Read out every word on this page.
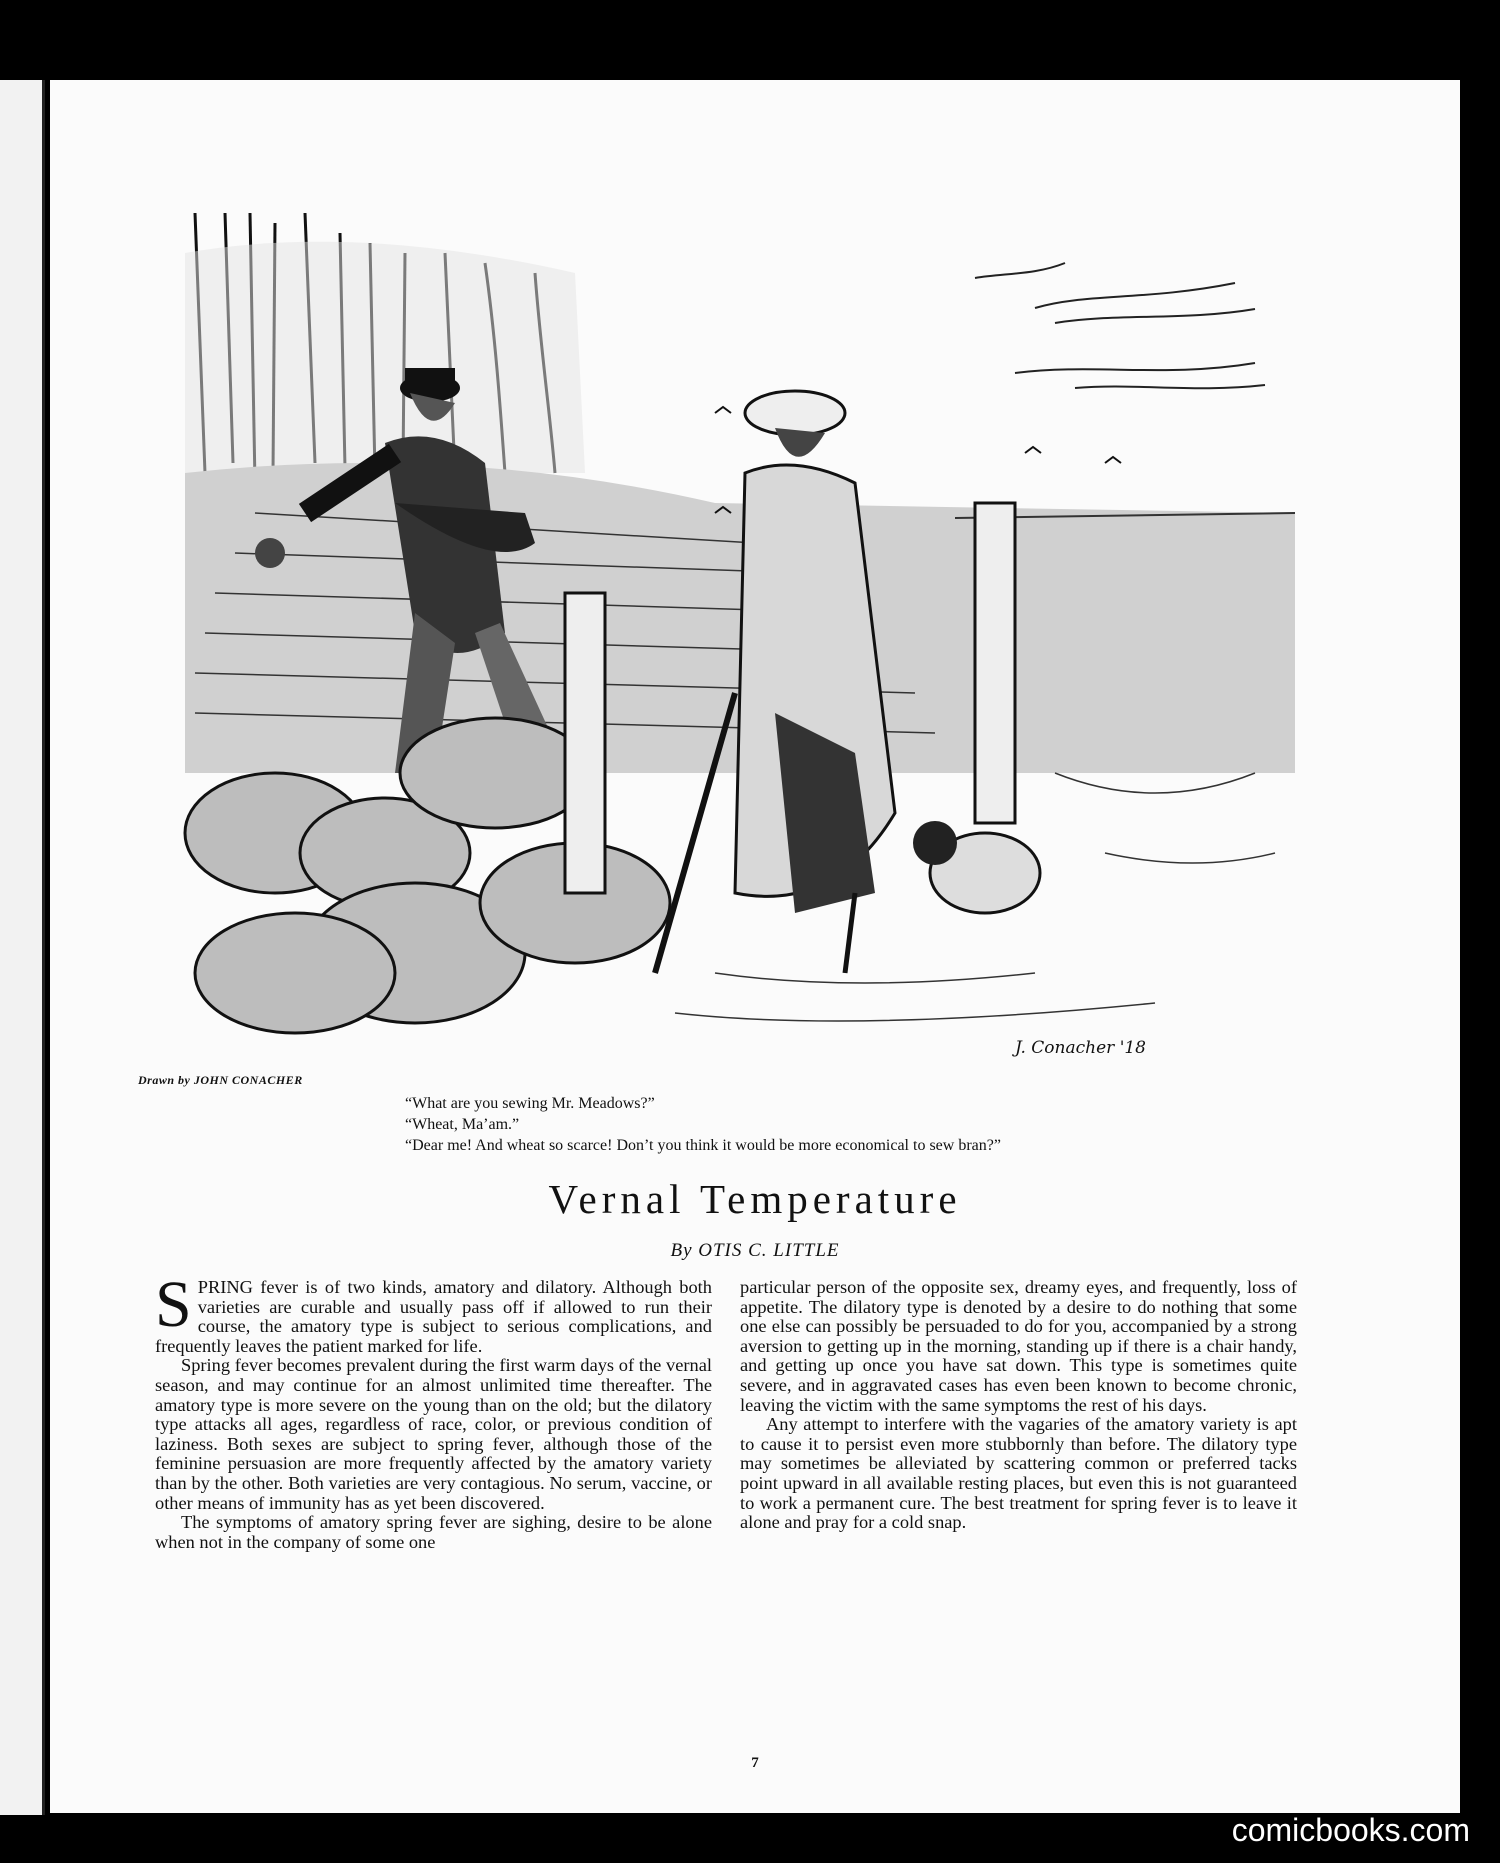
J. Conacher '18
Drawn by JOHN CONACHER
“What are you sewing Mr. Meadows?”
“Wheat, Ma’am.”
“Dear me! And wheat so scarce! Don’t you think it would be more economical to sew bran?”
Vernal Temperature
By OTIS C. LITTLE

SPRING fever is of two kinds, amatory and dilatory. Although both varieties are curable and usually pass off if allowed to run their course, the amatory type is subject to serious complications, and frequently leaves the patient marked for life.

Spring fever becomes prevalent during the first warm days of the vernal season, and may continue for an almost unlimited time thereafter. The amatory type is more severe on the young than on the old; but the dilatory type attacks all ages, regardless of race, color, or previous condition of laziness. Both sexes are subject to spring fever, although those of the feminine persuasion are more frequently affected by the amatory variety than by the other. Both varieties are very contagious. No serum, vaccine, or other means of immunity has as yet been discovered.

The symptoms of amatory spring fever are sighing, desire to be alone when not in the company of some one

particular person of the opposite sex, dreamy eyes, and frequently, loss of appetite. The dilatory type is denoted by a desire to do nothing that some one else can possibly be persuaded to do for you, accompanied by a strong aversion to getting up in the morning, standing up if there is a chair handy, and getting up once you have sat down. This type is sometimes quite severe, and in aggravated cases has even been known to become chronic, leaving the victim with the same symptoms the rest of his days.

Any attempt to interfere with the vagaries of the amatory variety is apt to cause it to persist even more stubbornly than before. The dilatory type may sometimes be alleviated by scattering common or preferred tacks point upward in all available resting places, but even this is not guaranteed to work a permanent cure. The best treatment for spring fever is to leave it alone and pray for a cold snap.

7
comicbooks.com
